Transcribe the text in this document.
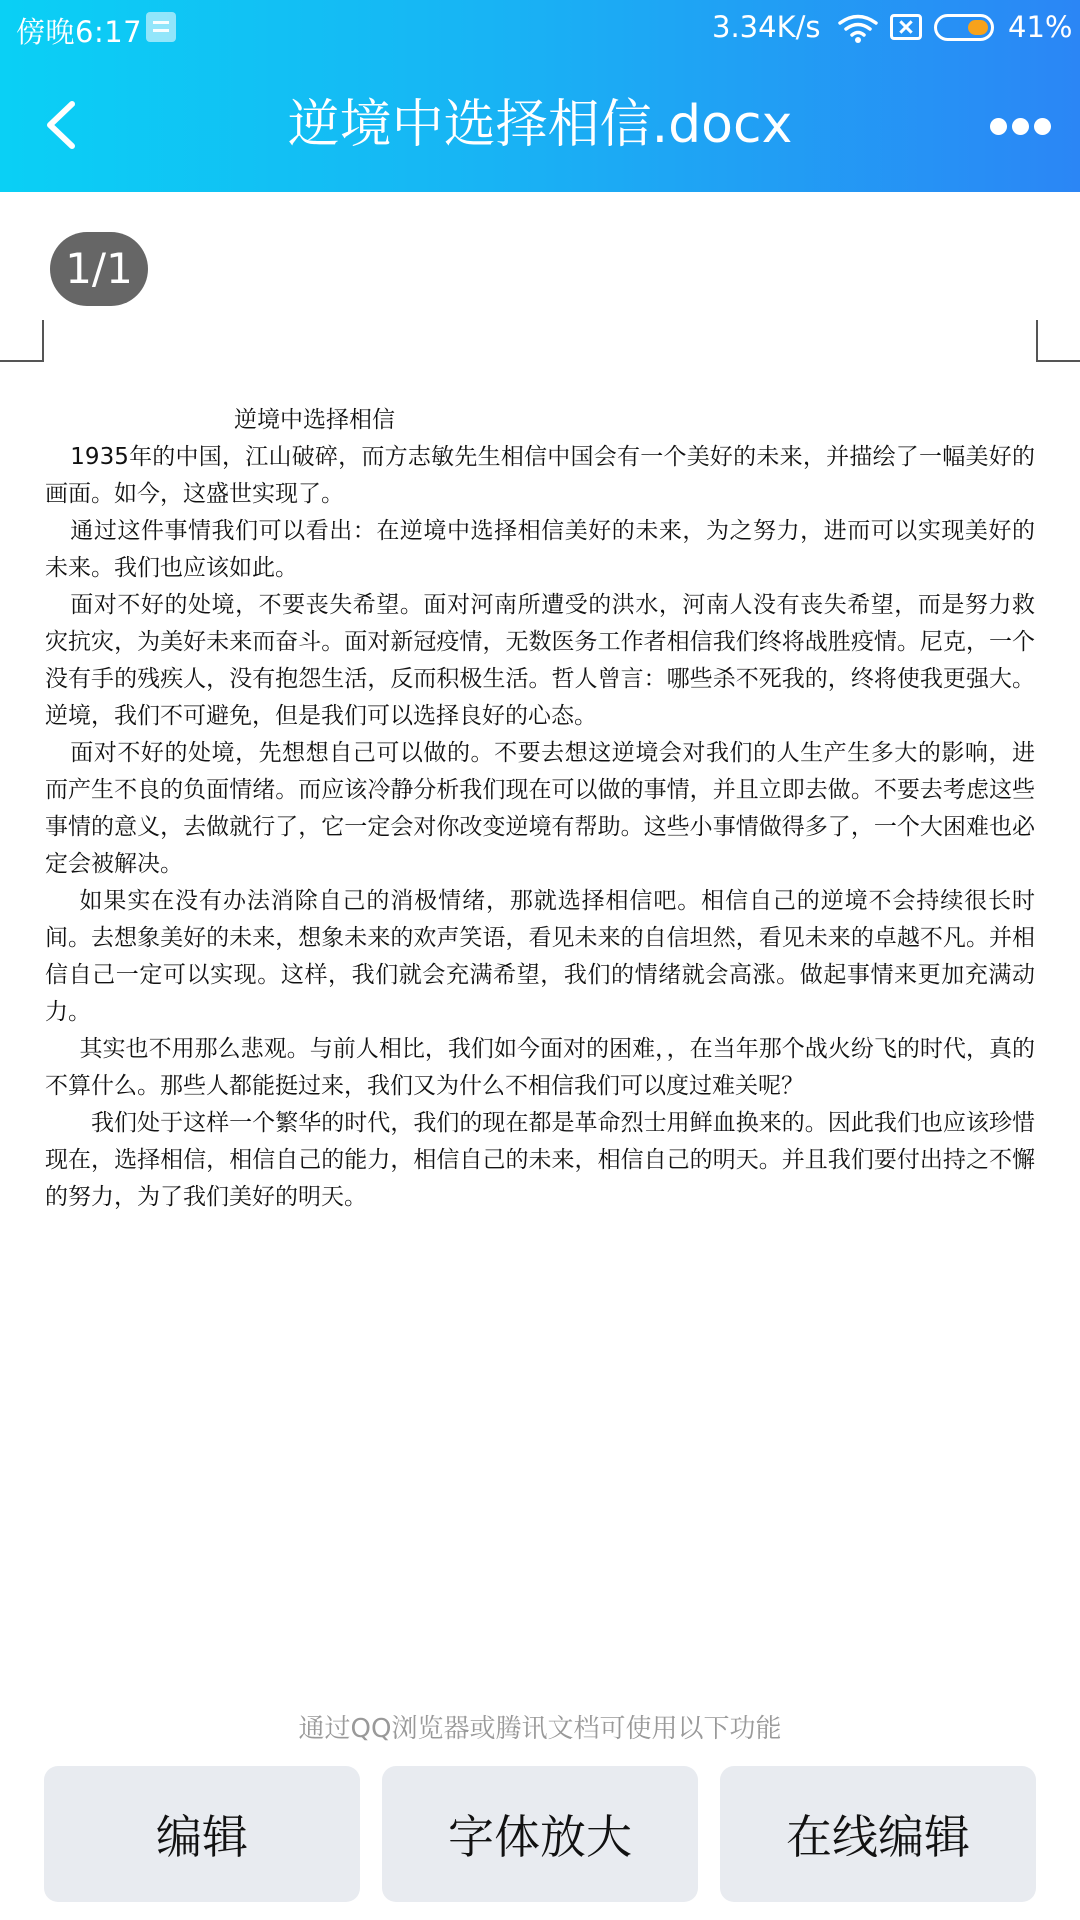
傍晚6:17	3.34K/s	41%
逆境中选择相信.docx
1/1

逆境中选择相信

1935年的中国，江山破碎，而方志敏先生相信中国会有一个美好的未来，并描绘了一幅美好的画面。如今，这盛世实现了。

通过这件事情我们可以看出：在逆境中选择相信美好的未来，为之努力，进而可以实现美好的未来。我们也应该如此。

面对不好的处境，不要丧失希望。面对河南所遭受的洪水，河南人没有丧失希望，而是努力救灾抗灾，为美好未来而奋斗。面对新冠疫情，无数医务工作者相信我们终将战胜疫情。尼克，一个没有手的残疾人，没有抱怨生活，反而积极生活。哲人曾言：哪些杀不死我的，终将使我更强大。逆境，我们不可避免，但是我们可以选择良好的心态。

面对不好的处境，先想想自己可以做的。不要去想这逆境会对我们的人生产生多大的影响，进而产生不良的负面情绪。而应该冷静分析我们现在可以做的事情，并且立即去做。不要去考虑这些事情的意义，去做就行了，它一定会对你改变逆境有帮助。这些小事情做得多了，一个大困难也必定会被解决。

如果实在没有办法消除自己的消极情绪，那就选择相信吧。相信自己的逆境不会持续很长时间。去想象美好的未来，想象未来的欢声笑语，看见未来的自信坦然，看见未来的卓越不凡。并相信自己一定可以实现。这样，我们就会充满希望，我们的情绪就会高涨。做起事情来更加充满动力。

其实也不用那么悲观。与前人相比，我们如今面对的困难，，在当年那个战火纷飞的时代，真的不算什么。那些人都能挺过来，我们又为什么不相信我们可以度过难关呢？

我们处于这样一个繁华的时代，我们的现在都是革命烈士用鲜血换来的。因此我们也应该珍惜现在，选择相信，相信自己的能力，相信自己的未来，相信自己的明天。并且我们要付出持之不懈的努力，为了我们美好的明天。

通过QQ浏览器或腾讯文档可使用以下功能
编辑	字体放大	在线编辑
